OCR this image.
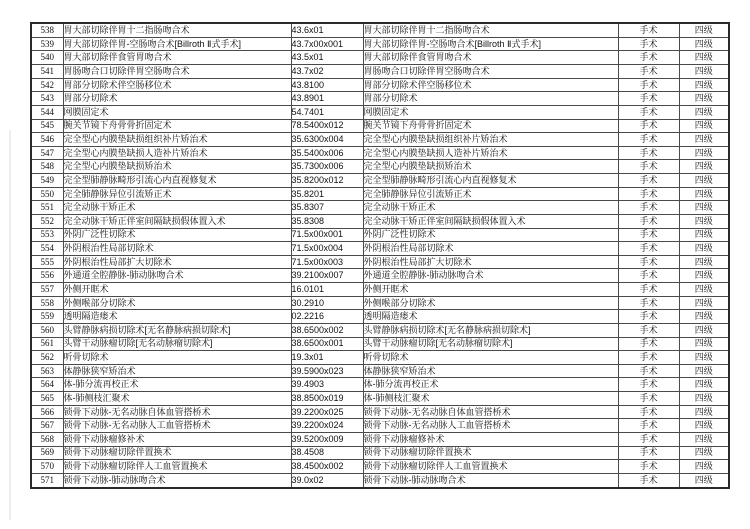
538	胃大部切除伴胃十二指肠吻合术	43.6x01	胃大部切除伴胃十二指肠吻合术	手术	四级
539	胃大部切除伴胃-空肠吻合术[Billroth Ⅱ式手术]	43.7x00x001	胃大部切除伴胃-空肠吻合术[Billroth Ⅱ式手术]	手术	四级
540	胃大部切除伴食管胃吻合术	43.5x01	胃大部切除伴食管胃吻合术	手术	四级
541	胃肠吻合口切除伴胃空肠吻合术	43.7x02	胃肠吻合口切除伴胃空肠吻合术	手术	四级
542	胃部分切除术伴空肠移位术	43.8100	胃部分切除术伴空肠移位术	手术	四级
543	胃部分切除术	43.8901	胃部分切除术	手术	四级
544	网膜固定术	54.7401	网膜固定术	手术	四级
545	腕关节镜下舟骨骨折固定术	78.5400x012	腕关节镜下舟骨骨折固定术	手术	四级
546	完全型心内膜垫缺损组织补片矫治术	35.6300x004	完全型心内膜垫缺损组织补片矫治术	手术	四级
547	完全型心内膜垫缺损人造补片矫治术	35.5400x006	完全型心内膜垫缺损人造补片矫治术	手术	四级
548	完全型心内膜垫缺损矫治术	35.7300x006	完全型心内膜垫缺损矫治术	手术	四级
549	完全型肺静脉畸形引流心内直视修复术	35.8200x012	完全型肺静脉畸形引流心内直视修复术	手术	四级
550	完全肺静脉异位引流矫正术	35.8201	完全肺静脉异位引流矫正术	手术	四级
551	完全动脉干矫正术	35.8307	完全动脉干矫正术	手术	四级
552	完全动脉干矫正伴室间隔缺损假体置入术	35.8308	完全动脉干矫正伴室间隔缺损假体置入术	手术	四级
553	外阴广泛性切除术	71.5x00x001	外阴广泛性切除术	手术	四级
554	外阴根治性局部切除术	71.5x00x004	外阴根治性局部切除术	手术	四级
555	外阴根治性局部扩大切除术	71.5x00x003	外阴根治性局部扩大切除术	手术	四级
556	外通道全腔静脉-肺动脉吻合术	39.2100x007	外通道全腔静脉-肺动脉吻合术	手术	四级
557	外侧开眶术	16.0101	外侧开眶术	手术	四级
558	外侧喉部分切除术	30.2910	外侧喉部分切除术	手术	四级
559	透明隔造瘘术	02.2216	透明隔造瘘术	手术	四级
560	头臂静脉病损切除术[无名静脉病损切除术]	38.6500x002	头臂静脉病损切除术[无名静脉病损切除术]	手术	四级
561	头臂干动脉瘤切除[无名动脉瘤切除术]	38.6500x001	头臂干动脉瘤切除[无名动脉瘤切除术]	手术	四级
562	听骨切除术	19.3x01	听骨切除术	手术	四级
563	体静脉狭窄矫治术	39.5900x023	体静脉狭窄矫治术	手术	四级
564	体-肺分流再校正术	39.4903	体-肺分流再校正术	手术	四级
565	体-肺侧枝汇聚术	38.8500x019	体-肺侧枝汇聚术	手术	四级
566	锁骨下动脉-无名动脉自体血管搭桥术	39.2200x025	锁骨下动脉-无名动脉自体血管搭桥术	手术	四级
567	锁骨下动脉-无名动脉人工血管搭桥术	39.2200x024	锁骨下动脉-无名动脉人工血管搭桥术	手术	四级
568	锁骨下动脉瘤修补术	39.5200x009	锁骨下动脉瘤修补术	手术	四级
569	锁骨下动脉瘤切除伴置换术	38.4508	锁骨下动脉瘤切除伴置换术	手术	四级
570	锁骨下动脉瘤切除伴人工血管置换术	38.4500x002	锁骨下动脉瘤切除伴人工血管置换术	手术	四级
571	锁骨下动脉-肺动脉吻合术	39.0x02	锁骨下动脉-肺动脉吻合术	手术	四级
